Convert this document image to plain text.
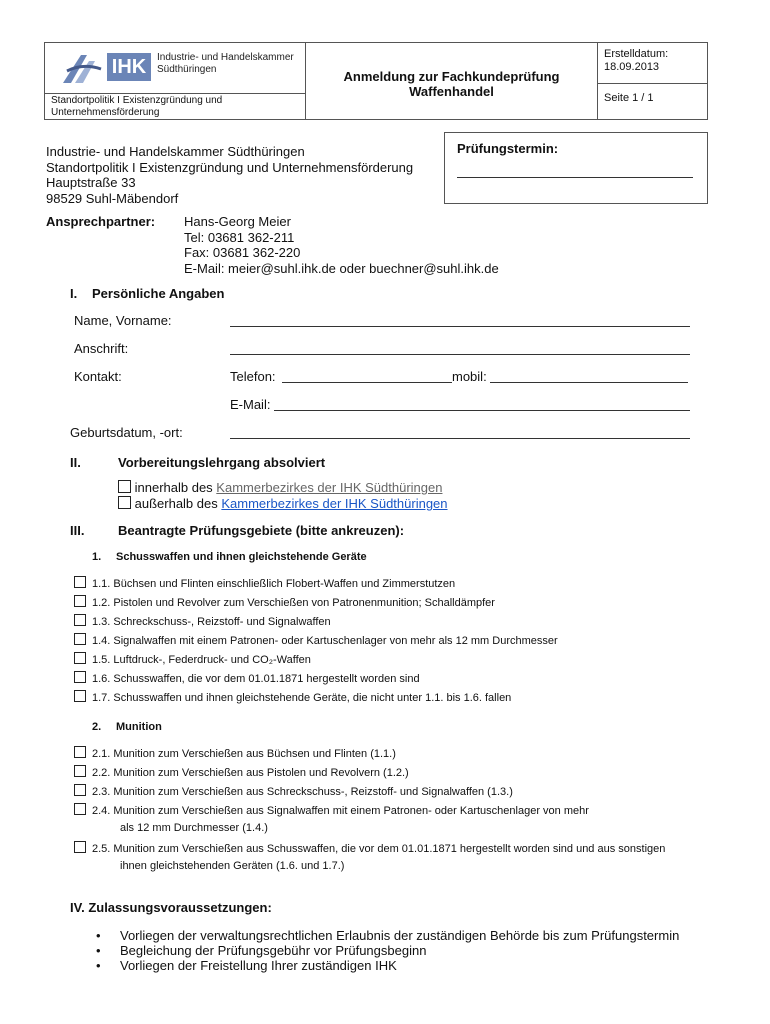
IHK	Industrie- und Handelskammer
Südthüringen
Standortpolitik I Existenzgründung und Unternehmensförderung
Anmeldung zur Fachkundeprüfung
Waffenhandel
Erstelldatum:
18.09.2013
Seite 1 / 1
Industrie- und Handelskammer Südthüringen
Standortpolitik I Existenzgründung und Unternehmensförderung
Hauptstraße 33
98529 Suhl-Mäbendorf
Prüfungstermin:
Ansprechpartner: Hans-Georg Meier
Tel: 03681 362-211
Fax: 03681 362-220
E-Mail: meier@suhl.ihk.de oder buechner@suhl.ihk.de
I. Persönliche Angaben
Name, Vorname:
Anschrift:
Kontakt:	Telefon:	mobil:
E-Mail:
Geburtsdatum, -ort:
II.	Vorbereitungslehrgang absolviert
innerhalb des Kammerbezirkes der IHK Südthüringen
außerhalb des Kammerbezirkes der IHK Südthüringen
III.	Beantragte Prüfungsgebiete (bitte ankreuzen):
1. Schusswaffen und ihnen gleichstehende Geräte
1.1. Büchsen und Flinten einschließlich Flobert-Waffen und Zimmerstutzen
1.2. Pistolen und Revolver zum Verschießen von Patronenmunition; Schalldämpfer
1.3. Schreckschuss-, Reizstoff- und Signalwaffen
1.4. Signalwaffen mit einem Patronen- oder Kartuschenlager von mehr als 12 mm Durchmesser
1.5. Luftdruck-, Federdruck- und CO₂-Waffen
1.6. Schusswaffen, die vor dem 01.01.1871 hergestellt worden sind
1.7. Schusswaffen und ihnen gleichstehende Geräte, die nicht unter 1.1. bis 1.6. fallen
2. Munition
2.1. Munition zum Verschießen aus Büchsen und Flinten (1.1.)
2.2. Munition zum Verschießen aus Pistolen und Revolvern (1.2.)
2.3. Munition zum Verschießen aus Schreckschuss-, Reizstoff- und Signalwaffen (1.3.)
2.4. Munition zum Verschießen aus Signalwaffen mit einem Patronen- oder Kartuschenlager von mehr
als 12 mm Durchmesser (1.4.)
2.5. Munition zum Verschießen aus Schusswaffen, die vor dem 01.01.1871 hergestellt worden sind und aus sonstigen
ihnen gleichstehenden Geräten (1.6. und 1.7.)
IV. Zulassungsvoraussetzungen:
• Vorliegen der verwaltungsrechtlichen Erlaubnis der zuständigen Behörde bis zum Prüfungstermin
• Begleichung der Prüfungsgebühr vor Prüfungsbeginn
• Vorliegen der Freistellung Ihrer zuständigen IHK
